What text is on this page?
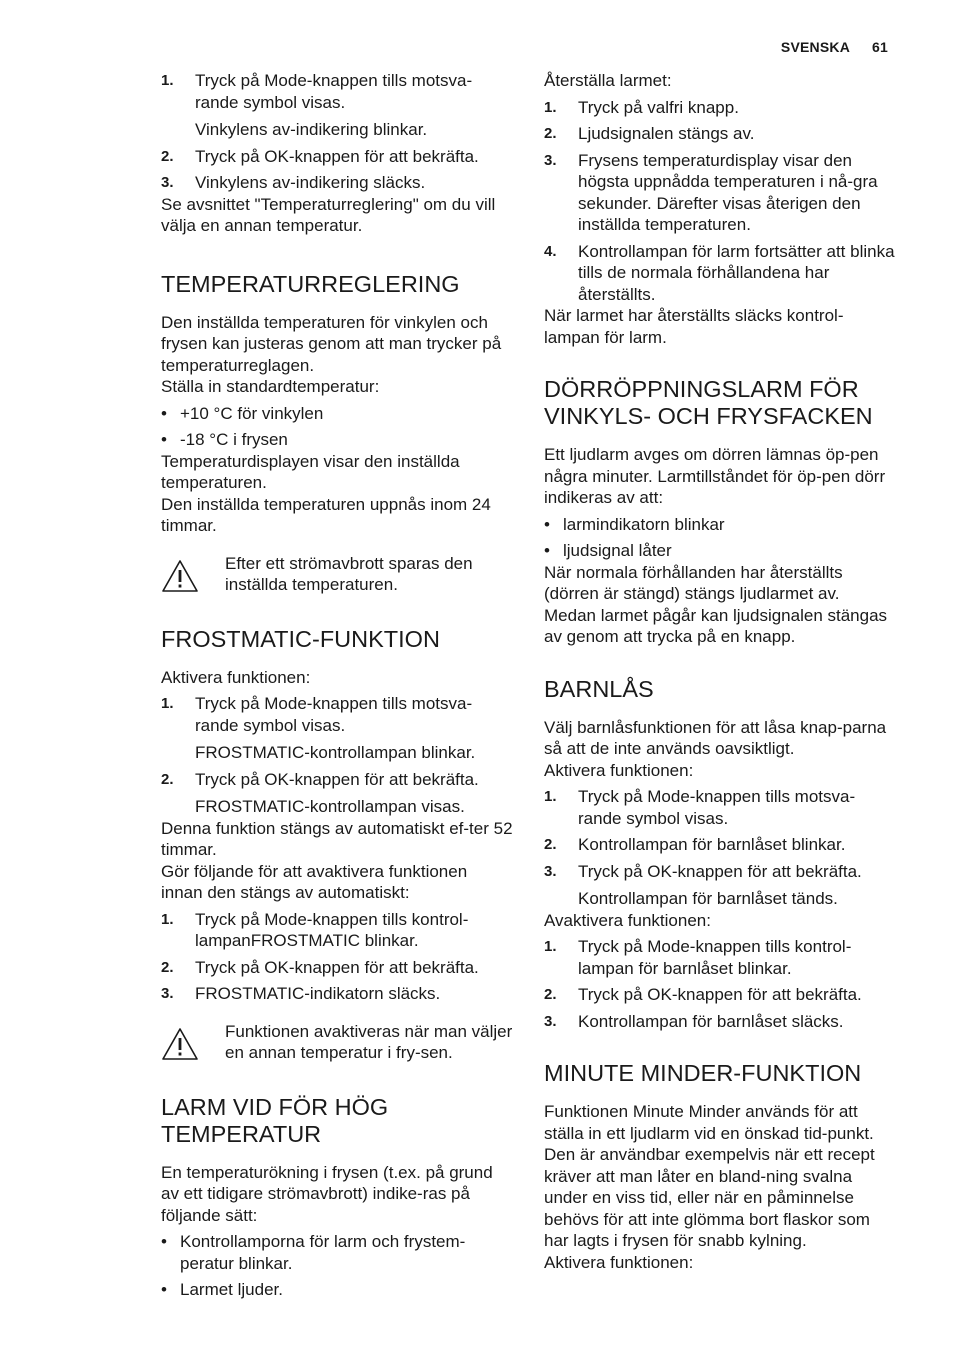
SVENSKA 61
1.	Tryck på Mode-knappen tills motsva-rande symbol visas.
Vinkylens av-indikering blinkar.
2.	Tryck på OK-knappen för att bekräfta.
3.	Vinkylens av-indikering släcks.

Se avsnittet "Temperaturreglering" om du vill välja en annan temperatur.

TEMPERATURREGLERING

Den inställda temperaturen för vinkylen och frysen kan justeras genom att man trycker på temperaturreglagen.

Ställa in standardtemperatur:

• +10 °C för vinkylen
• -18 °C i frysen

Temperaturdisplayen visar den inställda temperaturen.

Den inställda temperaturen uppnås inom 24 timmar.

Efter ett strömavbrott sparas den inställda temperaturen.
FROSTMATIC-FUNKTION

Aktivera funktionen:

1.	Tryck på Mode-knappen tills motsva-rande symbol visas.
FROSTMATIC-kontrollampan blinkar.
2.	Tryck på OK-knappen för att bekräfta.
FROSTMATIC-kontrollampan visas.

Denna funktion stängs av automatiskt ef-ter 52 timmar.

Gör följande för att avaktivera funktionen innan den stängs av automatiskt:

1.	Tryck på Mode-knappen tills kontrol-lampanFROSTMATIC blinkar.
2.	Tryck på OK-knappen för att bekräfta.
3.	FROSTMATIC-indikatorn släcks.
Funktionen avaktiveras när man väljer en annan temperatur i fry-sen.
LARM VID FÖR HÖG TEMPERATUR

En temperaturökning i frysen (t.ex. på grund av ett tidigare strömavbrott) indike-ras på följande sätt:

• Kontrollamporna för larm och frystem-peratur blinkar.
• Larmet ljuder.

Återställa larmet:

1.	Tryck på valfri knapp.
2.	Ljudsignalen stängs av.
3.	Frysens temperaturdisplay visar den högsta uppnådda temperaturen i nå-gra sekunder. Därefter visas återigen den inställda temperaturen.
4.	Kontrollampan för larm fortsätter att blinka tills de normala förhållandena har återställts.

När larmet har återställts släcks kontrol-lampan för larm.

DÖRRÖPPNINGSLARM FÖR VINKYLS- OCH FRYSFACKEN

Ett ljudlarm avges om dörren lämnas öp-pen några minuter. Larmtillståndet för öp-pen dörr indikeras av att:

• larmindikatorn blinkar
• ljudsignal låter

När normala förhållanden har återställts (dörren är stängd) stängs ljudlarmet av.

Medan larmet pågår kan ljudsignalen stängas av genom att trycka på en knapp.

BARNLÅS

Välj barnlåsfunktionen för att låsa knap-parna så att de inte används oavsiktligt.

Aktivera funktionen:

1.	Tryck på Mode-knappen tills motsva-rande symbol visas.
2.	Kontrollampan för barnlåset blinkar.
3.	Tryck på OK-knappen för att bekräfta.
Kontrollampan för barnlåset tänds.

Avaktivera funktionen:

1.	Tryck på Mode-knappen tills kontrol-lampan för barnlåset blinkar.
2.	Tryck på OK-knappen för att bekräfta.
3.	Kontrollampan för barnlåset släcks.
MINUTE MINDER-FUNKTION

Funktionen Minute Minder används för att ställa in ett ljudlarm vid en önskad tid-punkt. Den är användbar exempelvis när ett recept kräver att man låter en bland-ning svalna under en viss tid, eller när en påminnelse behövs för att inte glömma bort flaskor som har lagts i frysen för snabb kylning.

Aktivera funktionen:
